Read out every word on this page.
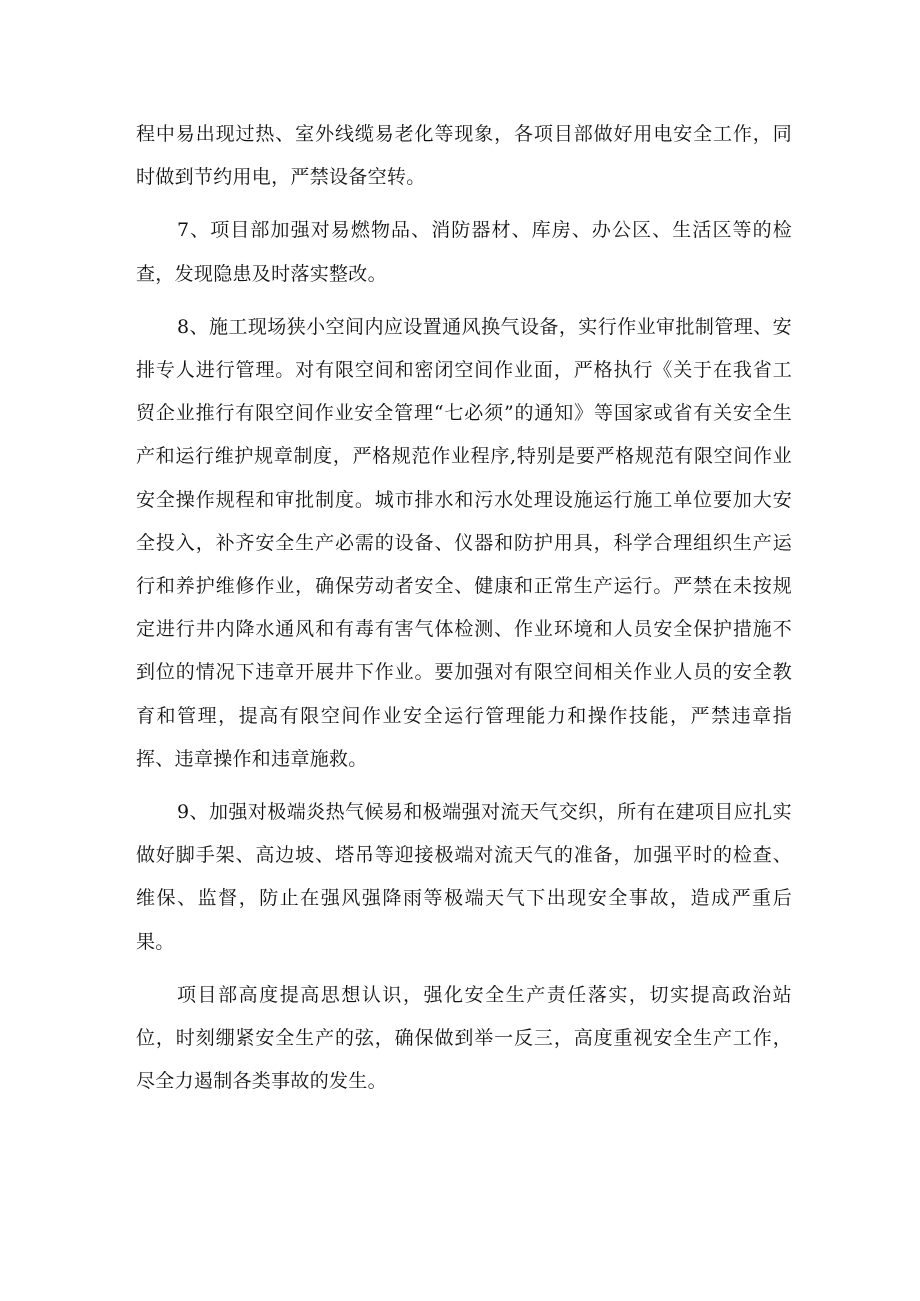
程中易出现过热、室外线缆易老化等现象，各项目部做好用电安全工作，同时做到节约用电，严禁设备空转。

7、项目部加强对易燃物品、消防器材、库房、办公区、生活区等的检查，发现隐患及时落实整改。

8、施工现场狭小空间内应设置通风换气设备，实行作业审批制管理、安排专人进行管理。对有限空间和密闭空间作业面，严格执行《关于在我省工贸企业推行有限空间作业安全管理“七必须”的通知》等国家或省有关安全生产和运行维护规章制度，严格规范作业程序,特别是要严格规范有限空间作业安全操作规程和审批制度。城市排水和污水处理设施运行施工单位要加大安全投入，补齐安全生产必需的设备、仪器和防护用具，科学合理组织生产运行和养护维修作业，确保劳动者安全、健康和正常生产运行。严禁在未按规定进行井内降水通风和有毒有害气体检测、作业环境和人员安全保护措施不到位的情况下违章开展井下作业。要加强对有限空间相关作业人员的安全教育和管理，提高有限空间作业安全运行管理能力和操作技能，严禁违章指挥、违章操作和违章施救。

9、加强对极端炎热气候易和极端强对流天气交织，所有在建项目应扎实做好脚手架、高边坡、塔吊等迎接极端对流天气的准备，加强平时的检查、维保、监督，防止在强风强降雨等极端天气下出现安全事故，造成严重后果。

项目部高度提高思想认识，强化安全生产责任落实，切实提高政治站位，时刻绷紧安全生产的弦，确保做到举一反三，高度重视安全生产工作，尽全力遏制各类事故的发生。
